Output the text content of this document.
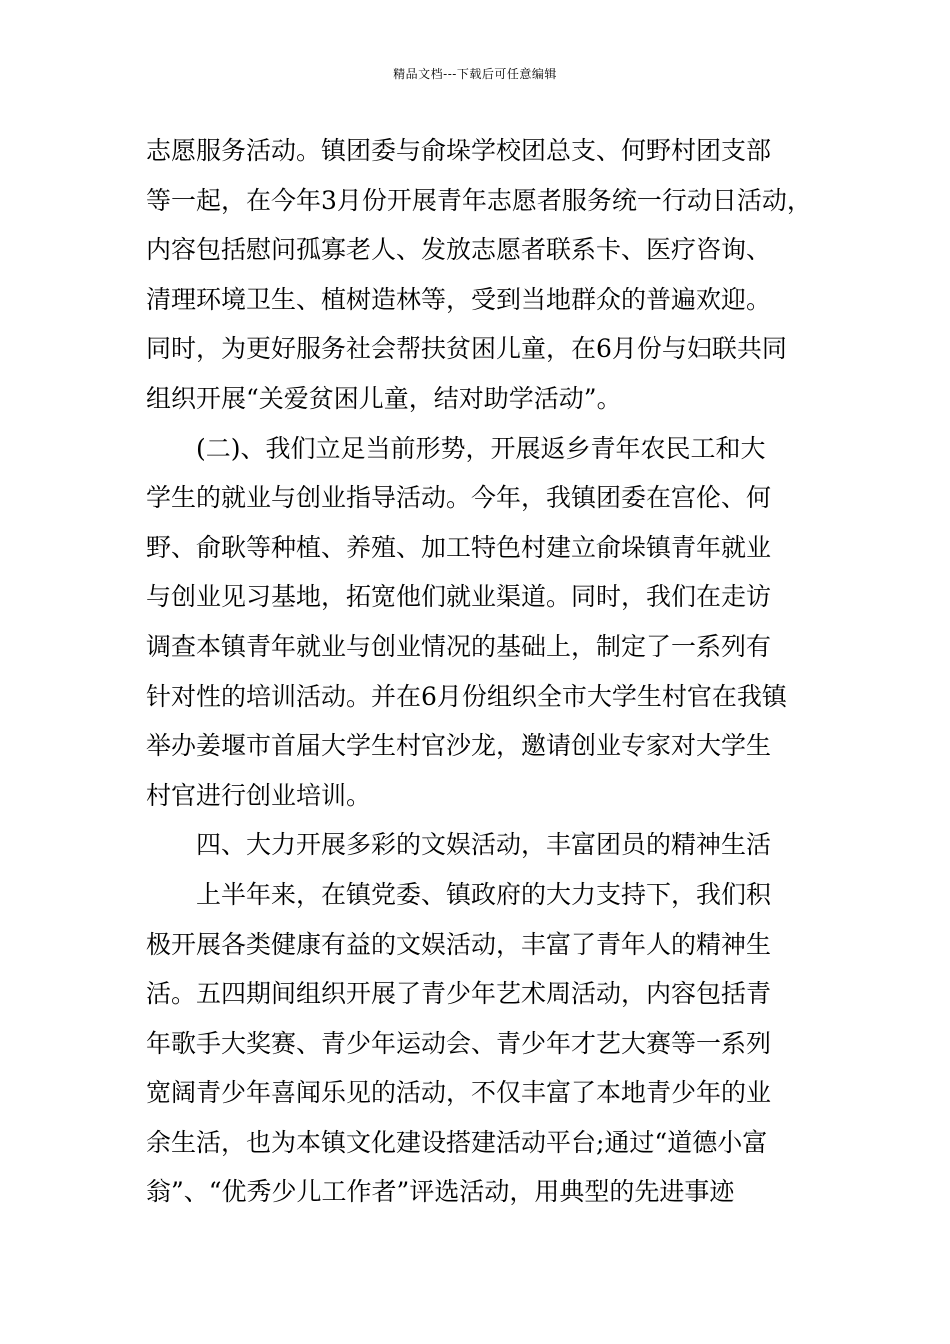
精品文档---下载后可任意编辑
志愿服务活动。镇团委与俞垛学校团总支、何野村团支部
等一起，在今年3月份开展青年志愿者服务统一行动日活动，
内容包括慰问孤寡老人、发放志愿者联系卡、医疗咨询、
清理环境卫生、植树造林等，受到当地群众的普遍欢迎。
同时，为更好服务社会帮扶贫困儿童，在6月份与妇联共同
组织开展“关爱贫困儿童，结对助学活动”。
(二)、我们立足当前形势，开展返乡青年农民工和大
学生的就业与创业指导活动。今年，我镇团委在宫伦、何
野、俞耿等种植、养殖、加工特色村建立俞垛镇青年就业
与创业见习基地，拓宽他们就业渠道。同时，我们在走访
调查本镇青年就业与创业情况的基础上，制定了一系列有
针对性的培训活动。并在6月份组织全市大学生村官在我镇
举办姜堰市首届大学生村官沙龙，邀请创业专家对大学生
村官进行创业培训。
四、大力开展多彩的文娱活动，丰富团员的精神生活
上半年来，在镇党委、镇政府的大力支持下，我们积
极开展各类健康有益的文娱活动，丰富了青年人的精神生
活。五四期间组织开展了青少年艺术周活动，内容包括青
年歌手大奖赛、青少年运动会、青少年才艺大赛等一系列
宽阔青少年喜闻乐见的活动，不仅丰富了本地青少年的业
余生活，也为本镇文化建设搭建活动平台;通过“道德小富
翁”、“优秀少儿工作者”评选活动，用典型的先进事迹
